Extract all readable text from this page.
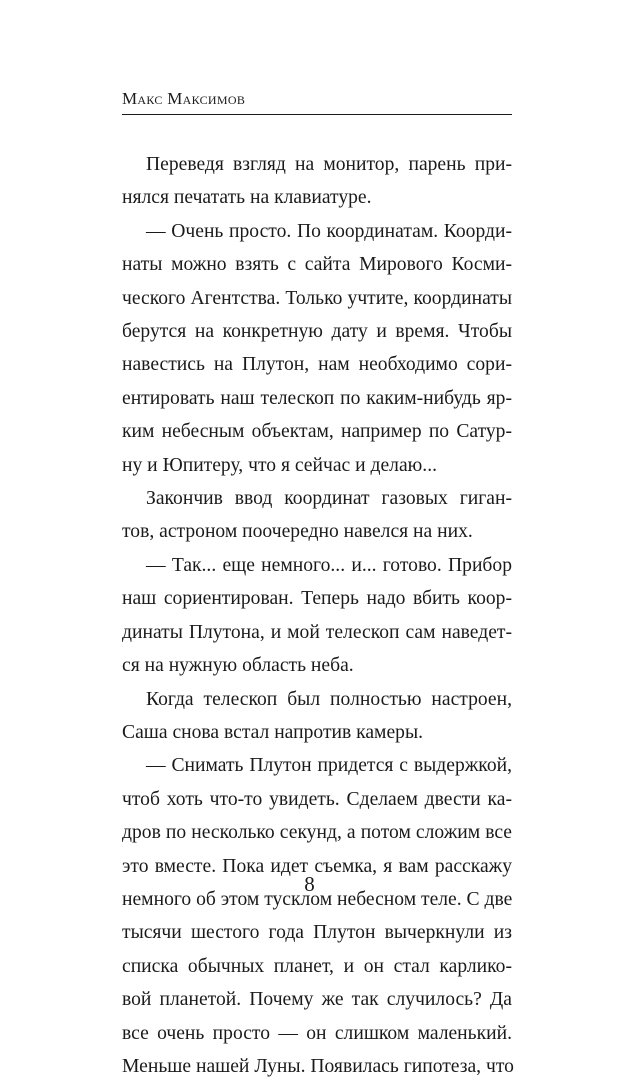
Макс Максимов
Переведя взгляд на монитор, парень при-
нялся печатать на клавиатуре.
— Очень просто. По координатам. Коорди-
наты можно взять с сайта Мирового Косми-
ческого Агентства. Только учтите, координаты
берутся на конкретную дату и время. Чтобы
навестись на Плутон, нам необходимо сори-
ентировать наш телескоп по каким-нибудь яр-
ким небесным объектам, например по Сатур-
ну и Юпитеру, что я сейчас и делаю...
Закончив ввод координат газовых гиган-
тов, астроном поочередно навелся на них.
— Так... еще немного... и... готово. Прибор
наш сориентирован. Теперь надо вбить коор-
динаты Плутона, и мой телескоп сам наведет-
ся на нужную область неба.
Когда телескоп был полностью настроен,
Саша снова встал напротив камеры.
— Снимать Плутон придется с выдержкой,
чтоб хоть что-то увидеть. Сделаем двести ка-
дров по несколько секунд, а потом сложим все
это вместе. Пока идет съемка, я вам расскажу
немного об этом тусклом небесном теле. С две
тысячи шестого года Плутон вычеркнули из
списка обычных планет, и он стал карлико-
вой планетой. Почему же так случилось? Да
все очень просто — он слишком маленький.
Меньше нашей Луны. Появилась гипотеза, что
8
